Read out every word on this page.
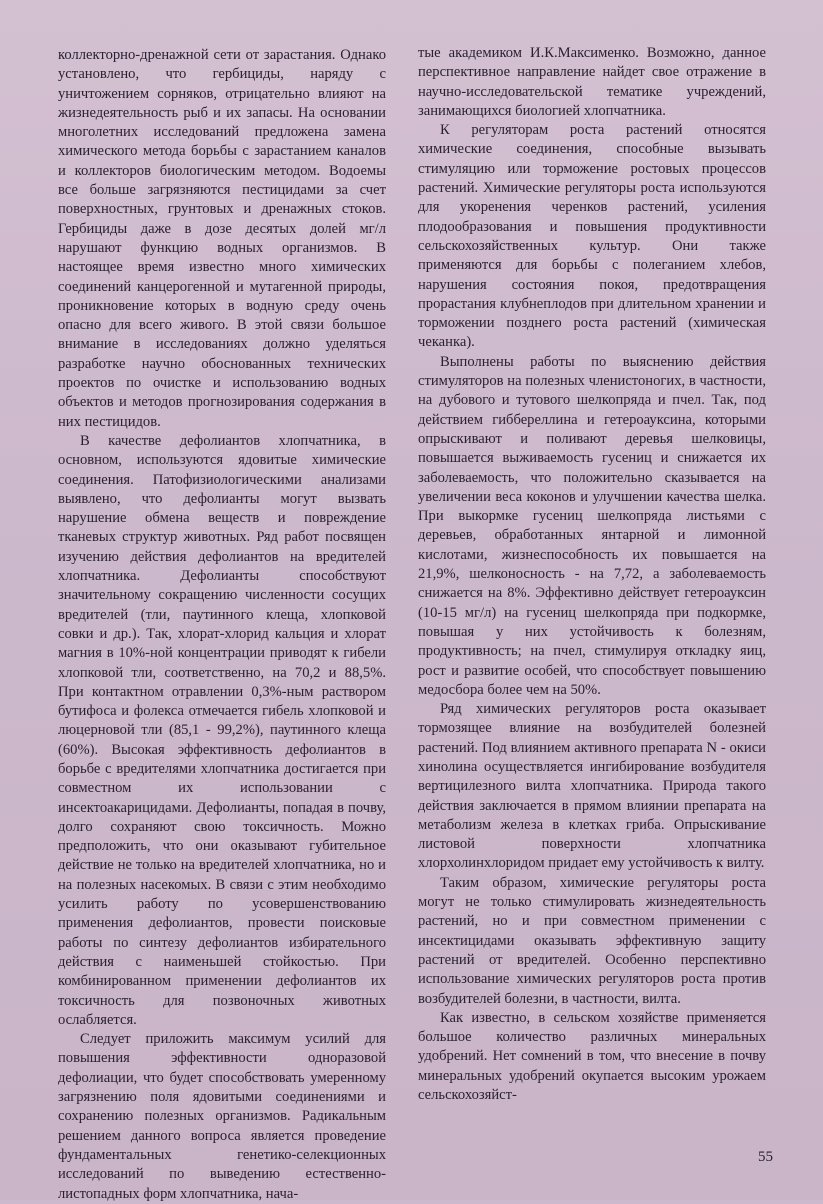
коллекторно-дренажной сети от зарастания. Однако установлено, что гербициды, наряду с уничтожением сорняков, отрицательно влияют на жизнедеятельность рыб и их запасы. На основании многолетних исследований предложена замена химического метода борьбы с зарастанием каналов и коллекторов биологическим методом. Водоемы все больше загрязняются пестицидами за счет поверхностных, грунтовых и дренажных стоков. Гербициды даже в дозе десятых долей мг/л нарушают функцию водных организмов. В настоящее время известно много химических соединений канцерогенной и мутагенной природы, проникновение которых в водную среду очень опасно для всего живого. В этой связи большое внимание в исследованиях должно уделяться разработке научно обоснованных технических проектов по очистке и использованию водных объектов и методов прогнозирования содержания в них пестицидов.

В качестве дефолиантов хлопчатника, в основном, используются ядовитые химические соединения. Патофизиологическими анализами выявлено, что дефолианты могут вызвать нарушение обмена веществ и повреждение тканевых структур животных. Ряд работ посвящен изучению действия дефолиантов на вредителей хлопчатника. Дефолианты способствуют значительному сокращению численности сосущих вредителей (тли, паутинного клеща, хлопковой совки и др.). Так, хлорат-хлорид кальция и хлорат магния в 10%-ной концентрации приводят к гибели хлопковой тли, соответственно, на 70,2 и 88,5%. При контактном отравлении 0,3%-ным раствором бутифоса и фолекса отмечается гибель хлопковой и люцерновой тли (85,1 - 99,2%), паутинного клеща (60%). Высокая эффективность дефолиантов в борьбе с вредителями хлопчатника достигается при совместном их использовании с инсектоакарицидами. Дефолианты, попадая в почву, долго сохраняют свою токсичность. Можно предположить, что они оказывают губительное действие не только на вредителей хлопчатника, но и на полезных насекомых. В связи с этим необходимо усилить работу по усовершенствованию применения дефолиантов, провести поисковые работы по синтезу дефолиантов избирательного действия с наименьшей стойкостью. При комбинированном применении дефолиантов их токсичность для позвоночных животных ослабляется.

Следует приложить максимум усилий для повышения эффективности одноразовой дефолиации, что будет способствовать умеренному загрязнению поля ядовитыми соединениями и сохранению полезных организмов. Радикальным решением данного вопроса является проведение фундаментальных генетико-селекционных исследований по выведению естественно-листопадных форм хлопчатника, нача-

тые академиком И.К.Максименко. Возможно, данное перспективное направление найдет свое отражение в научно-исследовательской тематике учреждений, занимающихся биологией хлопчатника.

К регуляторам роста растений относятся химические соединения, способные вызывать стимуляцию или торможение ростовых процессов растений. Химические регуляторы роста используются для укоренения черенков растений, усиления плодообразования и повышения продуктивности сельскохозяйственных культур. Они также применяются для борьбы с полеганием хлебов, нарушения состояния покоя, предотвращения прорастания клубнеплодов при длительном хранении и торможении позднего роста растений (химическая чеканка).

Выполнены работы по выяснению действия стимуляторов на полезных членистоногих, в частности, на дубового и тутового шелкопряда и пчел. Так, под действием гиббереллина и гетероауксина, которыми опрыскивают и поливают деревья шелковицы, повышается выживаемость гусениц и снижается их заболеваемость, что положительно сказывается на увеличении веса коконов и улучшении качества шелка. При выкормке гусениц шелкопряда листьями с деревьев, обработанных янтарной и лимонной кислотами, жизнеспособность их повышается на 21,9%, шелконосность - на 7,72, а заболеваемость снижается на 8%. Эффективно действует гетероауксин (10-15 мг/л) на гусениц шелкопряда при подкормке, повышая у них устойчивость к болезням, продуктивность; на пчел, стимулируя откладку яиц, рост и развитие особей, что способствует повышению медосбора более чем на 50%.

Ряд химических регуляторов роста оказывает тормозящее влияние на возбудителей болезней растений. Под влиянием активного препарата N - окиси хинолина осуществляется ингибирование возбудителя вертицилезного вилта хлопчатника. Природа такого действия заключается в прямом влиянии препарата на метаболизм железа в клетках гриба. Опрыскивание листовой поверхности хлопчатника хлорхолинхлоридом придает ему устойчивость к вилту.

Таким образом, химические регуляторы роста могут не только стимулировать жизнедеятельность растений, но и при совместном применении с инсектицидами оказывать эффективную защиту растений от вредителей. Особенно перспективно использование химических регуляторов роста против возбудителей болезни, в частности, вилта.

Как известно, в сельском хозяйстве применяется большое количество различных минеральных удобрений. Нет сомнений в том, что внесение в почву минеральных удобрений окупается высоким урожаем сельскохозяйст-

55
